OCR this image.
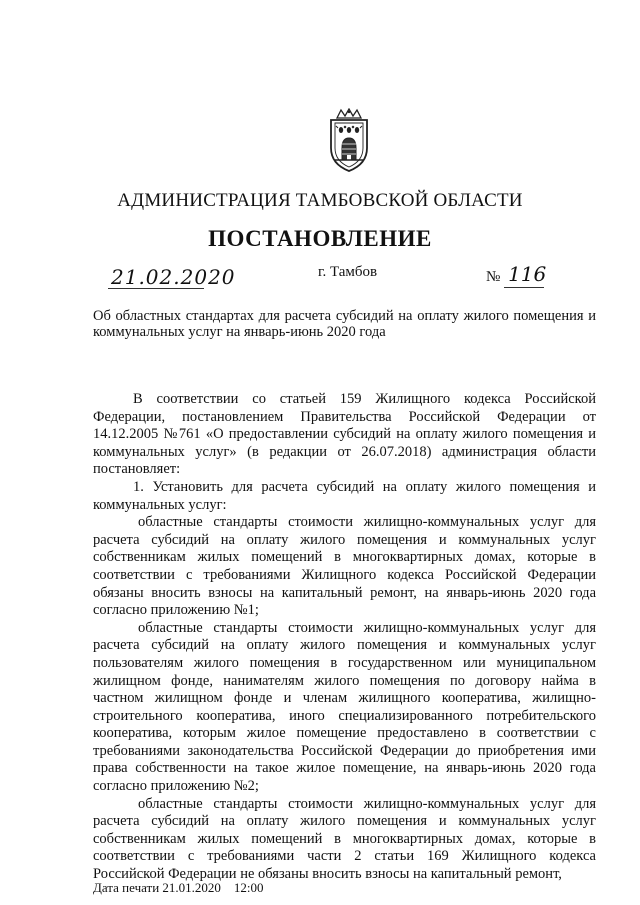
АДМИНИСТРАЦИЯ ТАМБОВСКОЙ ОБЛАСТИ
ПОСТАНОВЛЕНИЕ
21.02.2020	г. Тамбов	№ 116
Об областных стандартах для расчета субсидий на оплату жилого помещения и коммунальных услуг на январь-июнь 2020 года

В соответствии со статьей 159 Жилищного кодекса Российской Федерации, постановлением Правительства Российской Федерации от 14.12.2005 №761 «О предоставлении субсидий на оплату жилого помещения и коммунальных услуг» (в редакции от 26.07.2018) администрация области постановляет:

1. Установить для расчета субсидий на оплату жилого помещения и коммунальных услуг:

областные стандарты стоимости жилищно-коммунальных услуг для расчета субсидий на оплату жилого помещения и коммунальных услуг собственникам жилых помещений в многоквартирных домах, которые в соответствии с требованиями Жилищного кодекса Российской Федерации обязаны вносить взносы на капитальный ремонт, на январь-июнь 2020 года согласно приложению №1;

областные стандарты стоимости жилищно-коммунальных услуг для расчета субсидий на оплату жилого помещения и коммунальных услуг пользователям жилого помещения в государственном или муниципальном жилищном фонде, нанимателям жилого помещения по договору найма в частном жилищном фонде и членам жилищного кооператива, жилищно-строительного кооператива, иного специализированного потребительского кооператива, которым жилое помещение предоставлено в соответствии с требованиями законодательства Российской Федерации до приобретения ими права собственности на такое жилое помещение, на январь-июнь 2020 года согласно приложению №2;

областные стандарты стоимости жилищно-коммунальных услуг для расчета субсидий на оплату жилого помещения и коммунальных услуг собственникам жилых помещений в многоквартирных домах, которые в соответствии с требованиями части 2 статьи 169 Жилищного кодекса Российской Федерации не обязаны вносить взносы на капитальный ремонт,

Дата печати 21.01.2020    12:00
